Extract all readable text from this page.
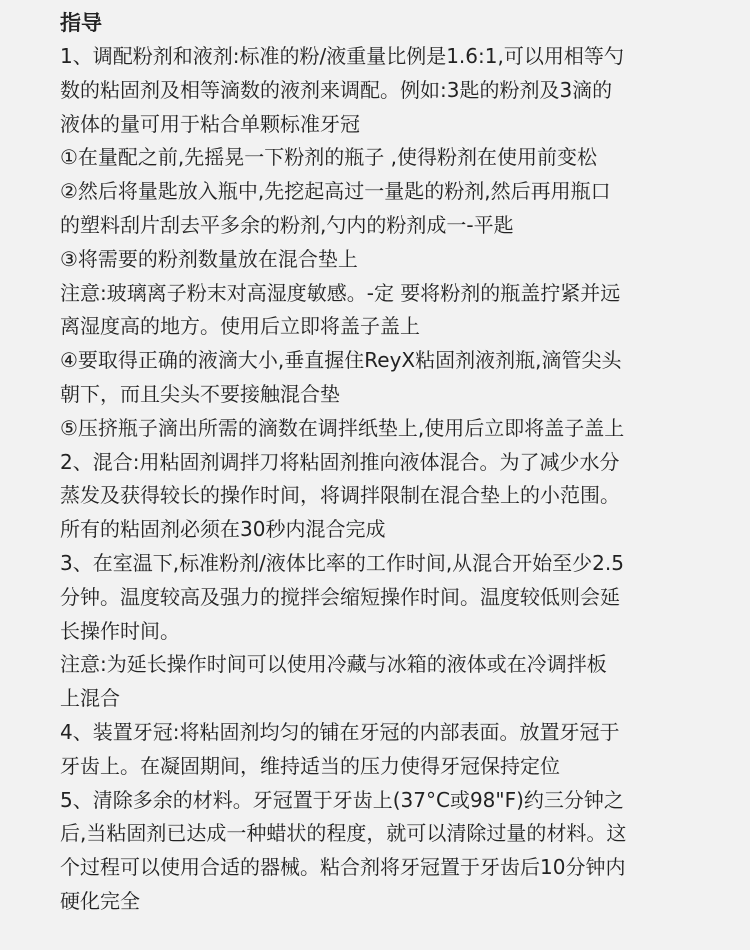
指导
1、调配粉剂和液剂:标准的粉/液重量比例是1.6:1,可以用相等勺
数的粘固剂及相等滴数的液剂来调配。例如:3匙的粉剂及3滴的
液体的量可用于粘合单颗标准牙冠
①在量配之前,先摇晃一下粉剂的瓶子 ,使得粉剂在使用前变松
②然后将量匙放入瓶中,先挖起高过一量匙的粉剂,然后再用瓶口
的塑料刮片刮去平多余的粉剂,勺内的粉剂成一-平匙
③将需要的粉剂数量放在混合垫上
注意:玻璃离子粉末对高湿度敏感。-定 要将粉剂的瓶盖拧紧并远
离湿度高的地方。使用后立即将盖子盖上
④要取得正确的液滴大小,垂直握住ReyX粘固剂液剂瓶,滴管尖头
朝下，而且尖头不要接触混合垫
⑤压挤瓶子滴出所需的滴数在调拌纸垫上,使用后立即将盖子盖上
2、混合:用粘固剂调拌刀将粘固剂推向液体混合。为了减少水分
蒸发及获得较长的操作时间，将调拌限制在混合垫上的小范围。
所有的粘固剂必须在30秒内混合完成
3、在室温下,标准粉剂/液体比率的工作时间,从混合开始至少2.5
分钟。温度较高及强力的搅拌会缩短操作时间。温度较低则会延
长操作时间。
注意:为延长操作时间可以使用冷藏与冰箱的液体或在冷调拌板
上混合
4、装置牙冠:将粘固剂均匀的铺在牙冠的内部表面。放置牙冠于
牙齿上。在凝固期间，维持适当的压力使得牙冠保持定位
5、清除多余的材料。牙冠置于牙齿上(37°C或98"F)约三分钟之
后,当粘固剂已达成一种蜡状的程度，就可以清除过量的材料。这
个过程可以使用合适的器械。粘合剂将牙冠置于牙齿后10分钟内
硬化完全
